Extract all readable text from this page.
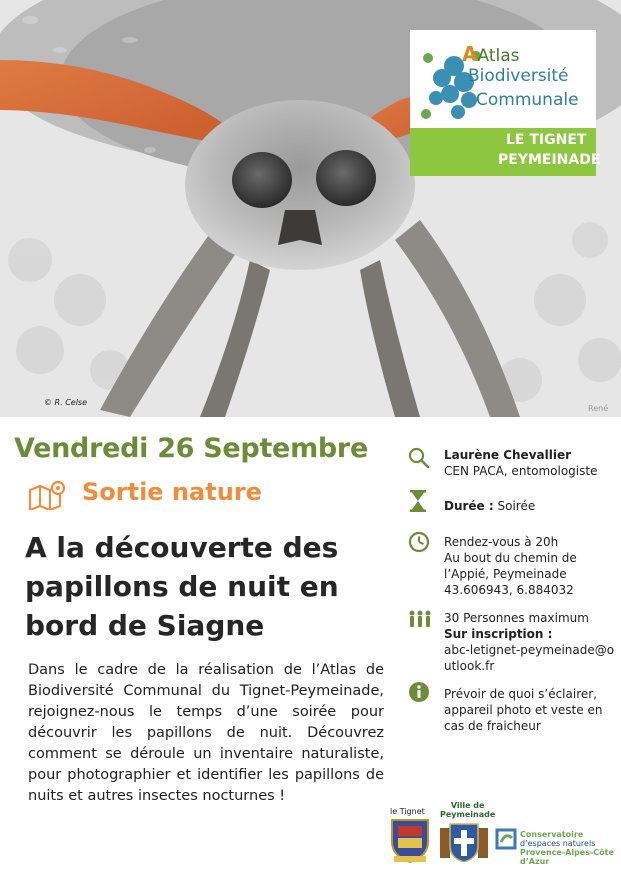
AAtlas
Biodiversité
Communale
LE TIGNET
PEYMEINADE
© R. Celse
René
Vendredi 26 Septembre
Sortie nature
A la découverte des papillons de nuit en bord de Siagne
Dans le cadre de la réalisation de l’Atlas de Biodiversité Communal du Tignet-Peymeinade, rejoignez-nous le temps d’une soirée pour découvrir les papillons de nuit. Découvrez comment se déroule un inventaire naturaliste, pour photographier et identifier les papillons de nuits et autres insectes nocturnes !
Laurène Chevallier
CEN PACA, entomologiste
Durée : Soirée
Rendez-vous à 20h
Au bout du chemin de l’Appié, Peymeinade
43.606943, 6.884032
30 Personnes maximum
Sur inscription :
abc-letignet-peymeinade@outlook.fr
Prévoir de quoi s’éclairer, appareil photo et veste en cas de fraicheur
le Tignet
Ville de
Peymeinade
Conservatoire
d’espaces naturels
Provence-Alpes-Côte d’Azur
